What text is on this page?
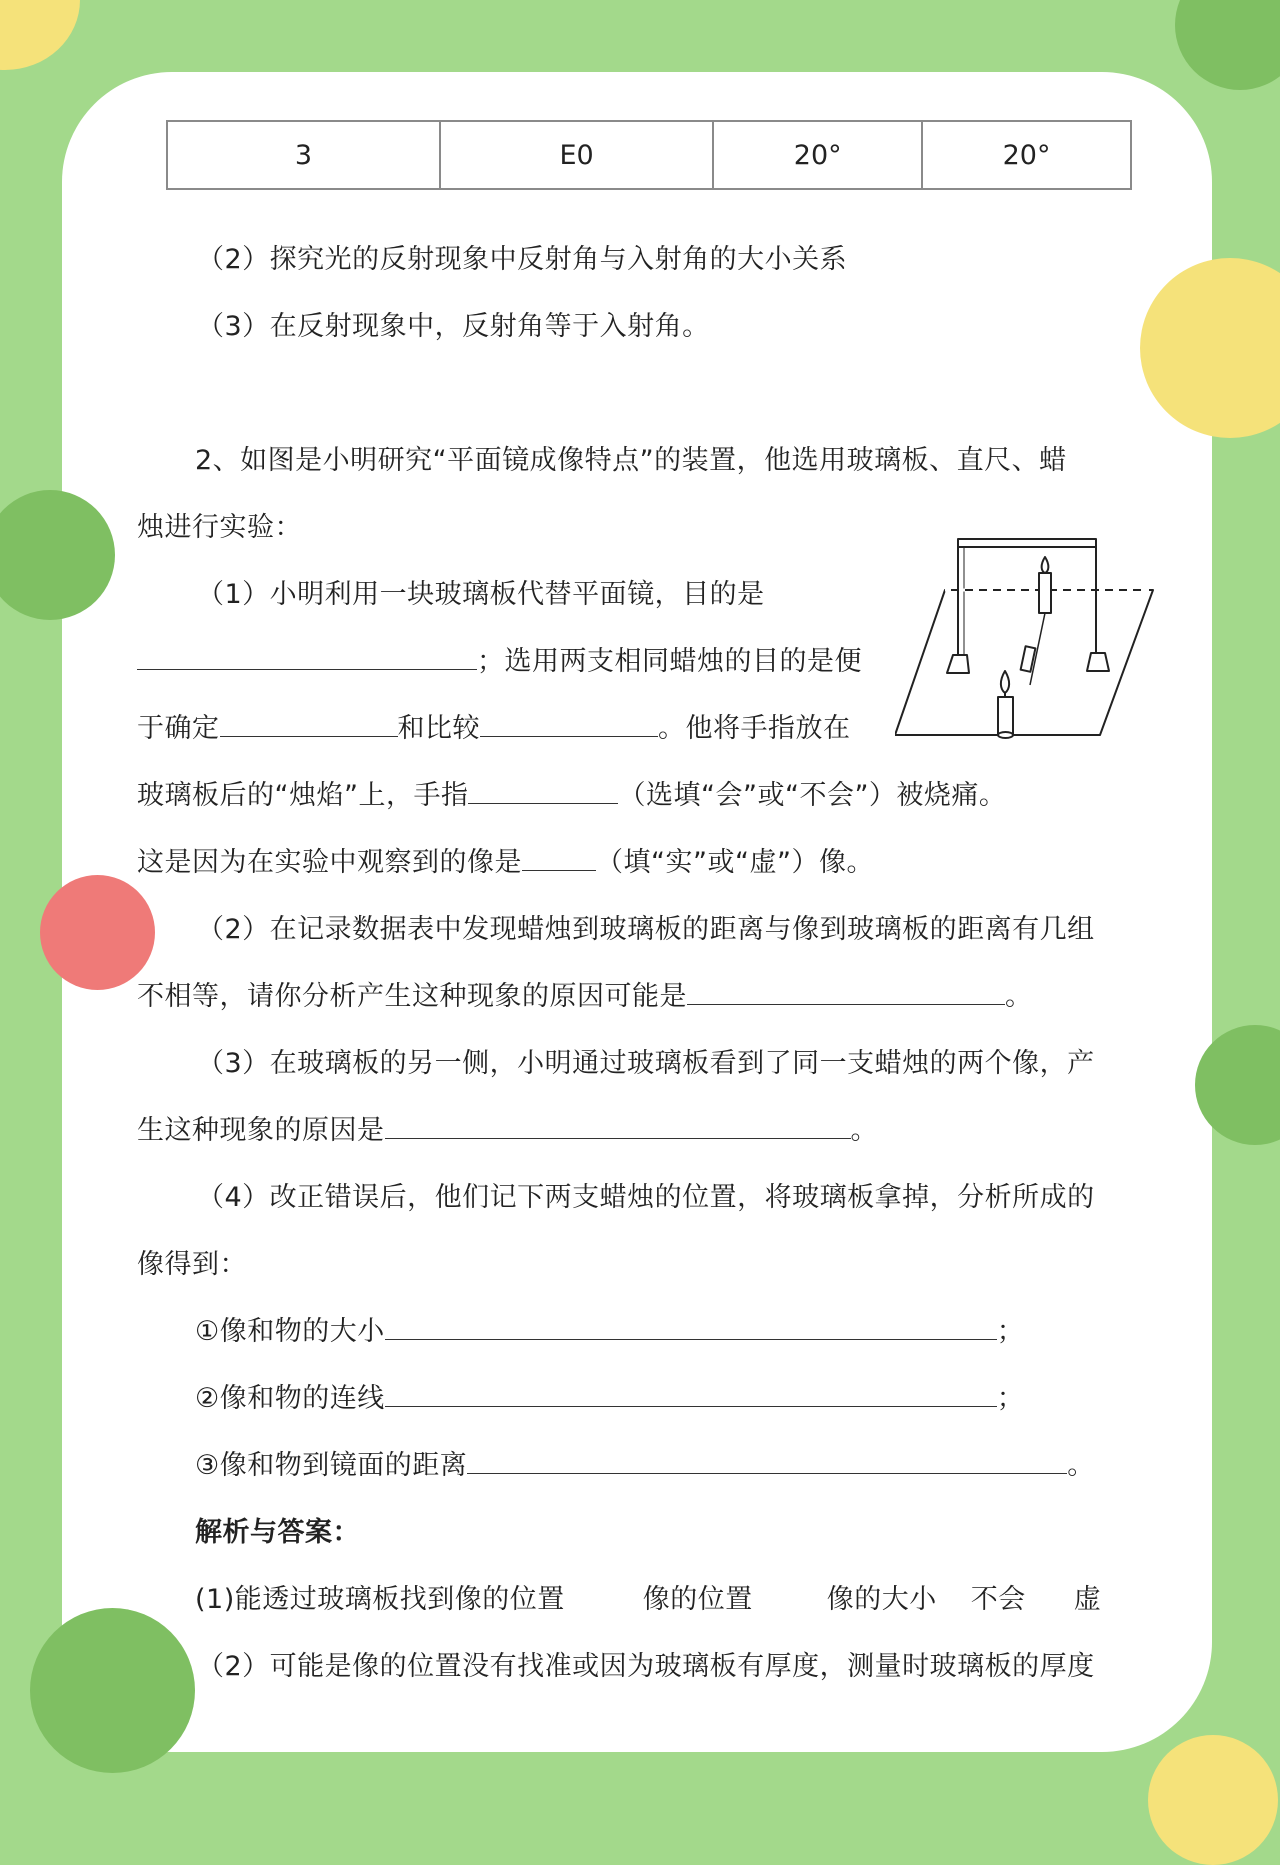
3	E0	20°	20°
（2）探究光的反射现象中反射角与入射角的大小关系
（3）在反射现象中，反射角等于入射角。
2、如图是小明研究“平面镜成像特点”的装置，他选用玻璃板、直尺、蜡
烛进行实验：
（1）小明利用一块玻璃板代替平面镜，目的是
；选用两支相同蜡烛的目的是便
于确定	和比较	。他将手指放在
玻璃板后的“烛焰”上，手指	（选填“会”或“不会”）被烧痛。
这是因为在实验中观察到的像是	（填“实”或“虚”）像。
（2）在记录数据表中发现蜡烛到玻璃板的距离与像到玻璃板的距离有几组
不相等，请你分析产生这种现象的原因可能是	。
（3）在玻璃板的另一侧，小明通过玻璃板看到了同一支蜡烛的两个像，产
生这种现象的原因是	。
（4）改正错误后，他们记下两支蜡烛的位置，将玻璃板拿掉，分析所成的
像得到：
①像和物的大小	；
②像和物的连线	；
③像和物到镜面的距离	。
解析与答案：
(1)能透过玻璃板找到像的位置	像的位置	像的大小 不会 虚
（2）可能是像的位置没有找准或因为玻璃板有厚度，测量时玻璃板的厚度
